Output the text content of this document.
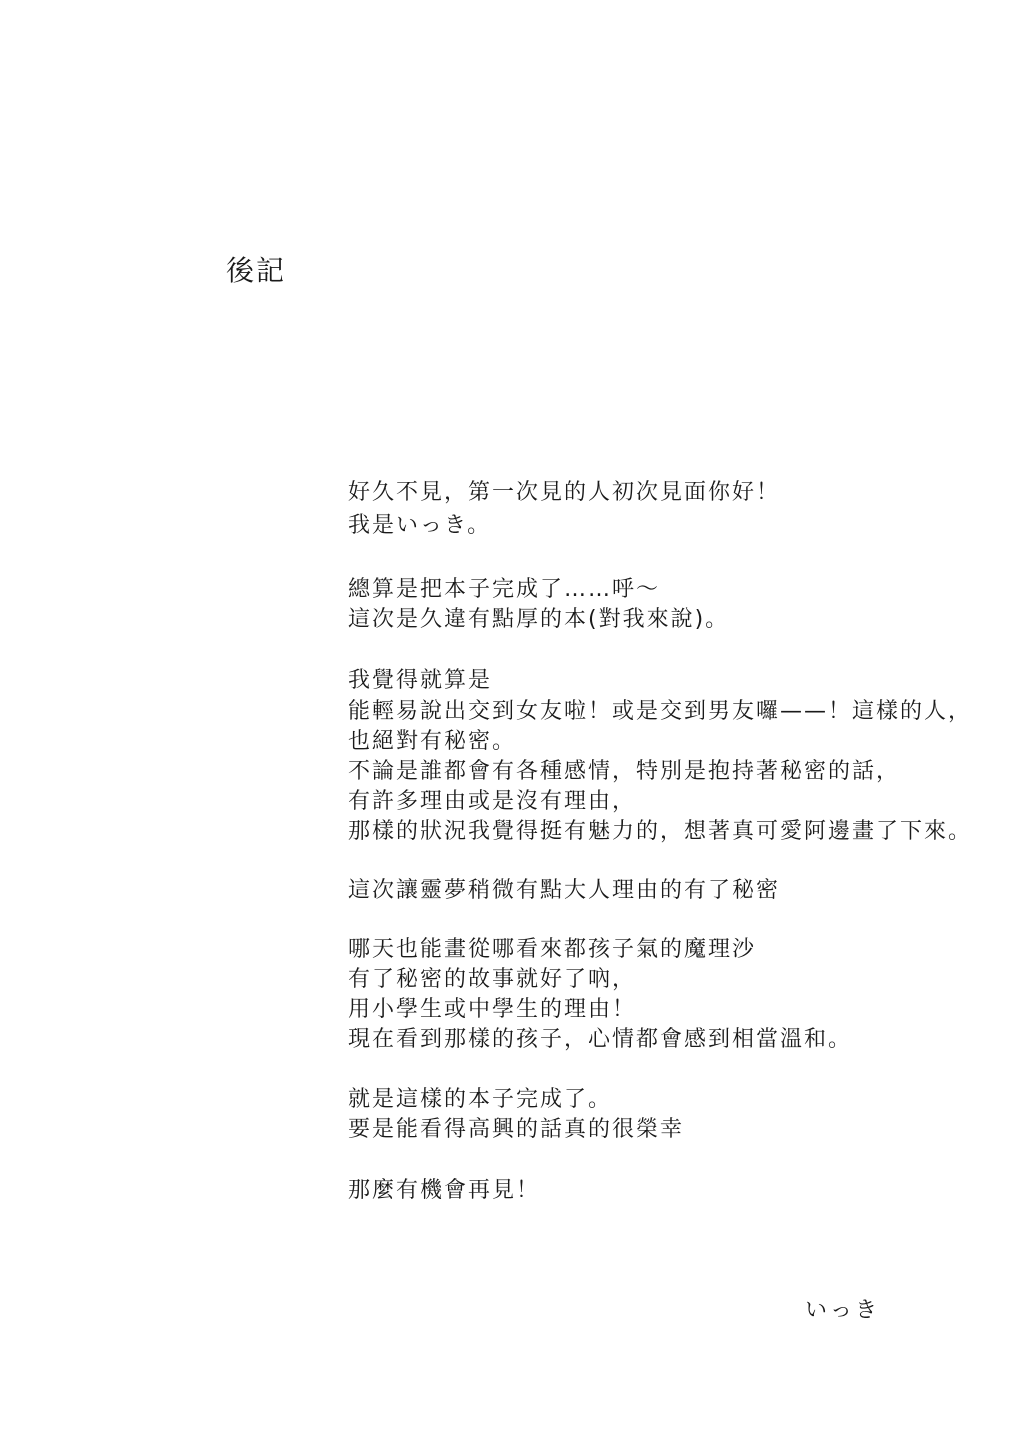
後記
好久不見，第一次見的人初次見面你好！
我是いっき。
總算是把本子完成了……呼～
這次是久違有點厚的本(對我來說)。
我覺得就算是
能輕易說出交到女友啦！或是交到男友囉——！這樣的人，
也絕對有秘密。
不論是誰都會有各種感情，特別是抱持著秘密的話，
有許多理由或是沒有理由，
那樣的狀況我覺得挺有魅力的，想著真可愛阿邊畫了下來。
這次讓靈夢稍微有點大人理由的有了秘密
哪天也能畫從哪看來都孩子氣的魔理沙
有了秘密的故事就好了吶，
用小學生或中學生的理由！
現在看到那樣的孩子，心情都會感到相當溫和。
就是這樣的本子完成了。
要是能看得高興的話真的很榮幸
那麼有機會再見！
いっき
